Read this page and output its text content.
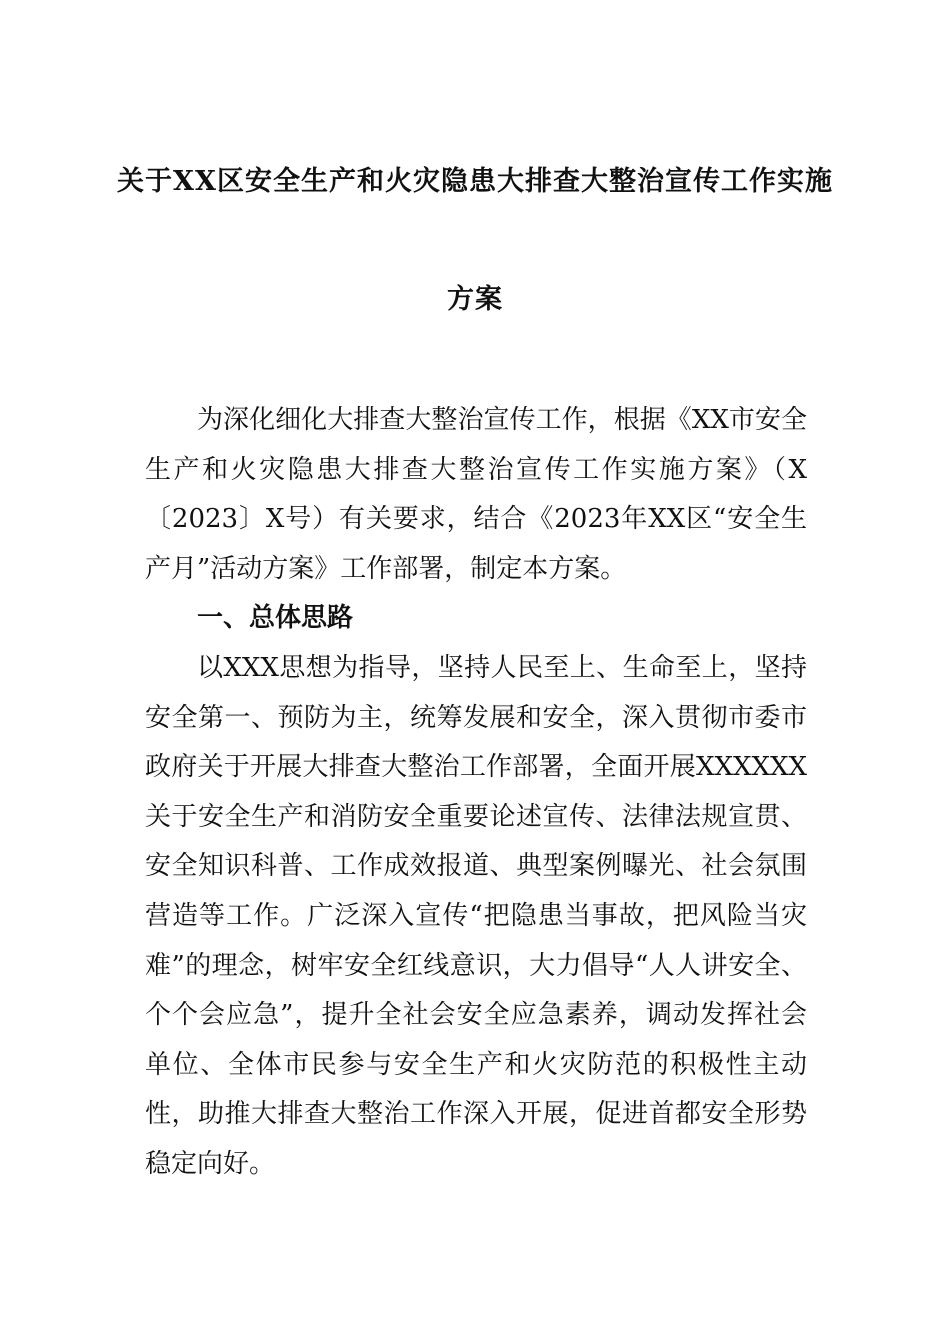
关于XX区安全生产和火灾隐患大排查大整治宣传工作实施
方案

为深化细化大排查大整治宣传工作，根据《XX市安全生产和火灾隐患大排查大整治宣传工作实施方案》（X〔2023〕X号）有关要求，结合《2023年XX区“安全生产月”活动方案》工作部署，制定本方案。

一、总体思路

以XXX思想为指导，坚持人民至上、生命至上，坚持安全第一、预防为主，统筹发展和安全，深入贯彻市委市政府关于开展大排查大整治工作部署，全面开展XXXXXX关于安全生产和消防安全重要论述宣传、法律法规宣贯、安全知识科普、工作成效报道、典型案例曝光、社会氛围营造等工作。广泛深入宣传“把隐患当事故，把风险当灾难”的理念，树牢安全红线意识，大力倡导“人人讲安全、个个会应急”，提升全社会安全应急素养，调动发挥社会单位、全体市民参与安全生产和火灾防范的积极性主动性，助推大排查大整治工作深入开展，促进首都安全形势稳定向好。
